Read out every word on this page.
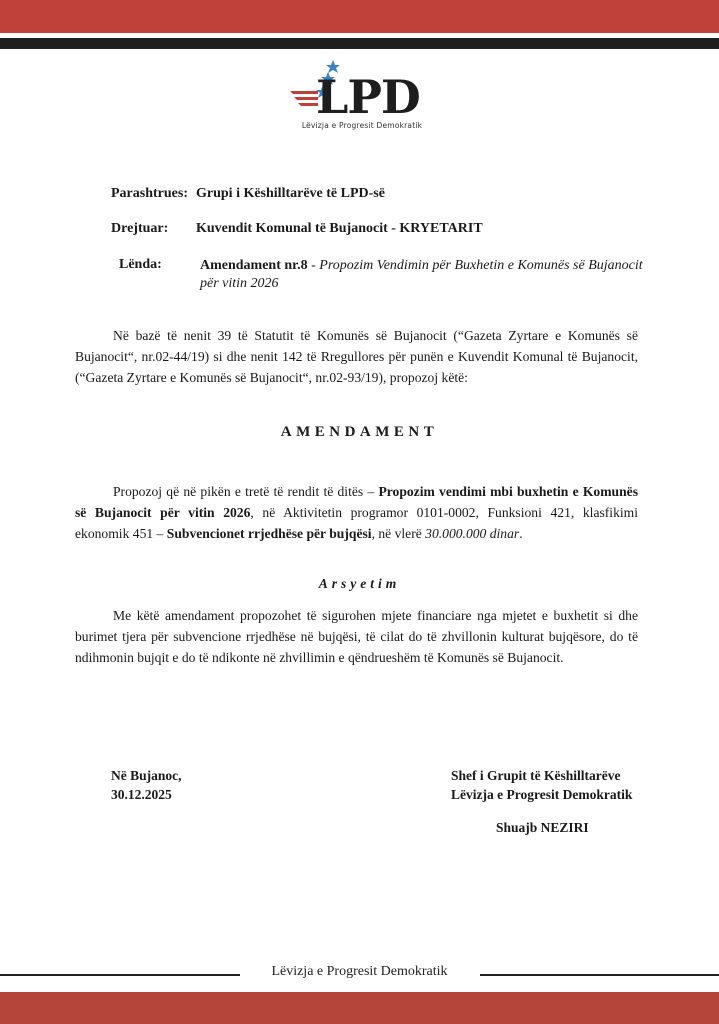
LPD
Lëvizja e Progresit Demokratik
Parashtrues: Grupi i Këshilltarëve të LPD-së
Drejtuar: Kuvendit Komunal të Bujanocit - KRYETARIT
Lënda:	Amendament nr.8 - Propozim Vendimin për Buxhetin e Komunës së Bujanocit
për vitin 2026
Në bazë të nenit 39 të Statutit të Komunës së Bujanocit (“Gazeta Zyrtare e Komunës së Bujanocit“, nr.02-44/19) si dhe nenit 142 të Rregullores për punën e Kuvendit Komunal të Bujanocit, (“Gazeta Zyrtare e Komunës së Bujanocit“, nr.02-93/19), propozoj këtë:
AMENDAMENT
Propozoj që në pikën e tretë të rendit të ditës – Propozim vendimi mbi buxhetin e Komunës së Bujanocit për vitin 2026, në Aktivitetin programor 0101-0002, Funksioni 421, klasfikimi ekonomik 451 – Subvencionet rrjedhëse për bujqësi, në vlerë 30.000.000 dinar.
Arsyetim
Me këtë amendament propozohet të sigurohen mjete financiare nga mjetet e buxhetit si dhe burimet tjera për subvencione rrjedhëse në bujqësi, të cilat do të zhvillonin kulturat bujqësore, do të ndihmonin bujqit e do të ndikonte në zhvillimin e qëndrueshëm të Komunës së Bujanocit.
Në Bujanoc,
30.12.2025
Shef i Grupit të Këshilltarëve
Lëvizja e Progresit Demokratik
Shuajb NEZIRI
Lëvizja e Progresit Demokratik
